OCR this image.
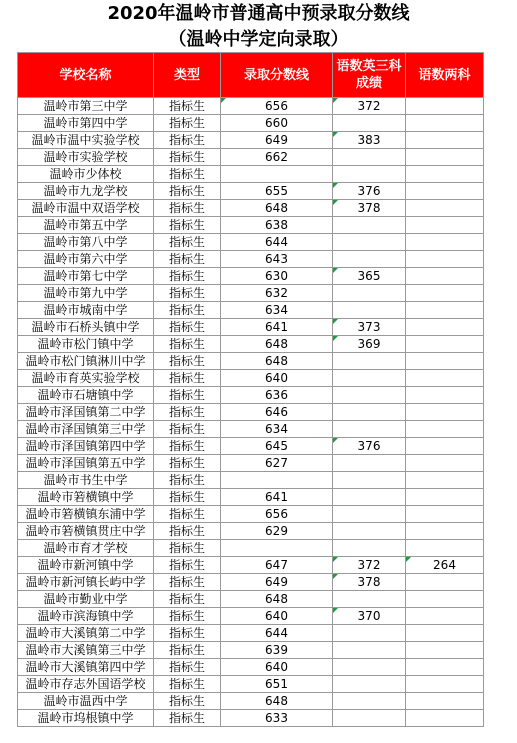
2020年温岭市普通高中预录取分数线
（温岭中学定向录取）
学校名称	类型	录取分数线	语数英三科成绩	语数两科
温岭市第三中学	指标生	656	372	
温岭市第四中学	指标生	660		
温岭市温中实验学校	指标生	649	383	
温岭市实验学校	指标生	662		
温岭市少体校	指标生			
温岭市九龙学校	指标生	655	376	
温岭市温中双语学校	指标生	648	378	
温岭市第五中学	指标生	638		
温岭市第八中学	指标生	644		
温岭市第六中学	指标生	643		
温岭市第七中学	指标生	630	365	
温岭市第九中学	指标生	632		
温岭市城南中学	指标生	634		
温岭市石桥头镇中学	指标生	641	373	
温岭市松门镇中学	指标生	648	369	
温岭市松门镇淋川中学	指标生	648		
温岭市育英实验学校	指标生	640		
温岭市石塘镇中学	指标生	636		
温岭市泽国镇第二中学	指标生	646		
温岭市泽国镇第三中学	指标生	634		
温岭市泽国镇第四中学	指标生	645	376	
温岭市泽国镇第五中学	指标生	627		
温岭市书生中学	指标生			
温岭市箬横镇中学	指标生	641		
温岭市箬横镇东浦中学	指标生	656		
温岭市箬横镇贯庄中学	指标生	629		
温岭市育才学校	指标生			
温岭市新河镇中学	指标生	647	372	264
温岭市新河镇长屿中学	指标生	649	378	
温岭市勤业中学	指标生	648		
温岭市滨海镇中学	指标生	640	370	
温岭市大溪镇第二中学	指标生	644		
温岭市大溪镇第三中学	指标生	639		
温岭市大溪镇第四中学	指标生	640		
温岭市存志外国语学校	指标生	651		
温岭市温西中学	指标生	648		
温岭市坞根镇中学	指标生	633		
